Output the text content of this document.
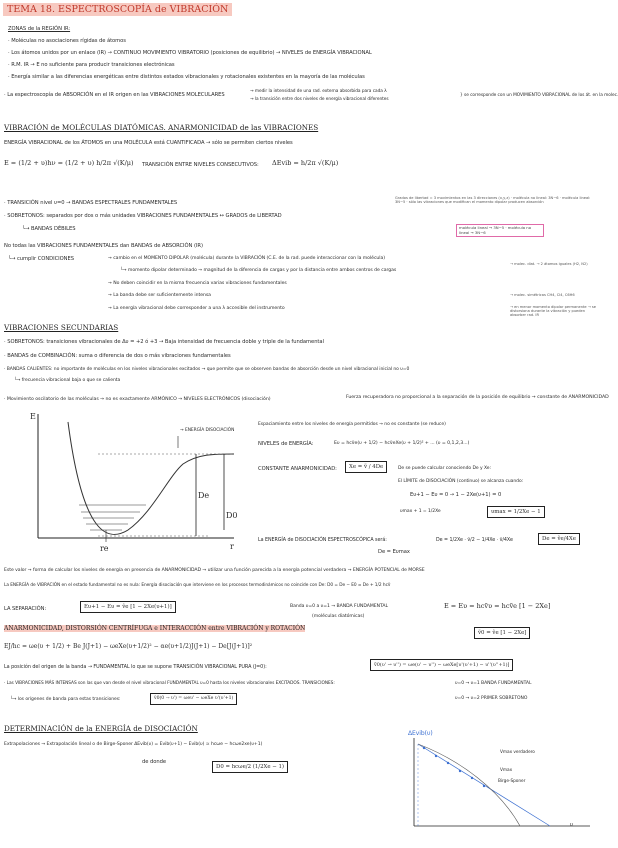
TEMA 18. ESPECTROSCOPÍA de VIBRACIÓN
ZONAS de la REGIÓN IR:
· Moléculas no asociaciones rígidas de átomos
· Los átomos unidos por un enlace (IR) → CONTINUO MOVIMIENTO VIBRATORIO (posiciones de equilibrio) → NIVELES de ENERGÍA VIBRACIONAL
· R.M. IR → E no suficiente para producir transiciones electrónicas
· Energía similar a las diferencias energéticas entre distintos estados vibracionales y rotacionales existentes en la mayoría de las moléculas
· La espectroscopía de ABSORCIÓN en el IR origen en las VIBRACIONES MOLECULARES
→ medir la intensidad de una rad. externa absorbida para cada λ
→ la transición entre dos niveles de energía vibracional diferentes
} se corresponde con un MOVIMIENTO VIBRACIONAL de los át. en la molec.
VIBRACIÓN de MOLÉCULAS DIATÓMICAS. ANARMONICIDAD de las VIBRACIONES
ENERGÍA VIBRACIONAL de los ÁTOMOS en una MOLÉCULA está CUANTIFICADA → sólo se permiten ciertos niveles
E = (1/2 + υ)hν = (1/2 + υ) h/2π √(K/μ) TRANSICIÓN ENTRE NIVELES CONSECUTIVOS: ΔEvib = h/2π √(K/μ)
· TRANSICIÓN nivel υ=0 → BANDAS ESPECTRALES FUNDAMENTALES
· SOBRETONOS: separados por dos o más unidades VIBRACIONES FUNDAMENTALES ↔ GRADOS de LIBERTAD
└→ BANDAS DÉBILES
No todas las VIBRACIONES FUNDAMENTALES dan BANDAS de ABSORCIÓN (IR)
└→ cumplir CONDICIONES	→ cambio en el MOMENTO DIPOLAR (molécula) durante la VIBRACIÓN (C.E. de la rad. puede interaccionar con la molécula)
└→ momento dipolar determinado → magnitud de la diferencia de cargas y por la distancia entre ambos centros de cargas
→ No deben coincidir en la misma frecuencia varias vibraciones fundamentales
→ La banda debe ser suficientemente intensa
→ La energía vibracional debe corresponder a una λ accesible del instrumento
→ molec. diat. → 2 átomos iguales (H2, N2)
→ molec. simétricas CH4, Cl4, C6H6
→ en menor momento dipolar permanente → se distorsiona durante la vibración y pueden absorber rad. IR
Grados de libertad = 3 movimientos en las 3 direcciones (x,y,z) · molécula no lineal: 3N−6 · molécula lineal: 3N−5 · sólo las vibraciones que modifican el momento dipolar producen absorción
molécula lineal → 3N−5 · molécula no lineal → 3N−6
VIBRACIONES SECUNDARIAS
· SOBRETONOS: transiciones vibracionales de Δυ = +2 ó +3 → Baja intensidad de frecuencia doble y triple de la fundamental
· BANDAS de COMBINACIÓN: suma o diferencia de dos o más vibraciones fundamentales
· BANDAS CALIENTES: no importante de moléculas en los niveles vibracionales excitados → que permite que se observen bandas de absorción desde un nivel vibracional inicial no υ=0
└→ frecuencia vibracional baja o que se calienta
· Movimiento oscilatorio de las moléculas → no es exactamente ARMÓNICO → NIVELES ELECTRÓNICOS (disociación)	Fuerza recuperadora no proporcional a la separación de la posición de equilibrio → constante de ANARMONICIDAD
E
r
→ ENERGÍA DISOCIACIÓN
De
D0
re
Espaciamiento entre los niveles de energía permitidos → no es constante (se reduce)
NIVELES de ENERGÍA:	Eυ = hcṽe(υ + 1/2) − hcṽeXe(υ + 1/2)² + ... (υ = 0,1,2,3...)
CONSTANTE ANARMONICIDAD:	Xe = ṽ / 4De	De se puede calcular conociendo De y Xe:
El LÍMITE de DISOCIACIÓN (continuo) se alcanza cuando:
Eυ+1 − Eυ = 0 → 1 − 2Xe(υ+1) = 0
υmax + 1 = 1/2Xe	υmax = 1/2Xe − 1
La ENERGÍA de DISOCIACIÓN ESPECTROSCÓPICA será:
De = Eυmax
De = 1/2Xe · ṽ/2 − 1/4Xe · ṽ/4Xe	De = ṽe/4Xe
Este valor → forma de calcular los niveles de energía en presencia de ANARMONICIDAD → utilizar una función parecida a la energía potencial verdadera → ENERGÍA POTENCIAL de MORSE
La ENERGÍA de VIBRACIÓN en el estado fundamental no es nula: Energía disociación que interviene en los procesos termodinámicos no coincide con De: D0 = De − E0 ≃ De + 1/2 hcṽ
LA SEPARACIÓN:	Eυ+1 − Eυ = ṽe [1 − 2Xe(υ+1)]	Banda υ=0 a υ=1 → BANDA FUNDAMENTAL
(moléculas diatómicas)
E = Eυ = hcṽυ = hcṽe [1 − 2Xe]
ṽ0 = ṽe [1 − 2Xe]
ANARMONICIDAD, DISTORSIÓN CENTRÍFUGA e INTERACCIÓN entre VIBRACIÓN y ROTACIÓN
EJ/hc = ωe(υ + 1/2) + Be J(J+1) − ωeXe(υ+1/2)² − αe(υ+1/2)J(J+1) − De[J(J+1)]²
La posición del origen de la banda → FUNDAMENTAL lo que se supone TRANSICIÓN VIBRACIONAL PURA (J=0):	ṽ0(υ' → υ'') = ωe(υ' − υ'') − ωeXe[υ'(υ'+1) − υ''(υ''+1)]
· Las VIBRACIONES MÁS INTENSAS son las que van desde el nivel vibracional FUNDAMENTAL υ=0 hasta los niveles vibracionales EXCITADOS. TRANSICIONES:	υ=0 → υ=1 BANDA FUNDAMENTAL
υ=0 → υ=2 PRIMER SOBRETONO
└→ los orígenes de banda para estas transiciones:	ṽ0(0 → υ') = ωeυ' − ωeXe υ'(υ'+1)
DETERMINACIÓN de la ENERGÍA de DISOCIACIÓN
Extrapolaciones → Extrapolación lineal o de Birge-Sponer ΔEvib(υ) = Evib(υ+1) − Evib(υ) ≃ hcωe − hcωe2xe(υ+1)
de donde
D0 = hcωe/2 (1/2Xe − 1)
ΔEvib(υ)
Vmax verdadero
Vmax
Birge-Sponer
υ
